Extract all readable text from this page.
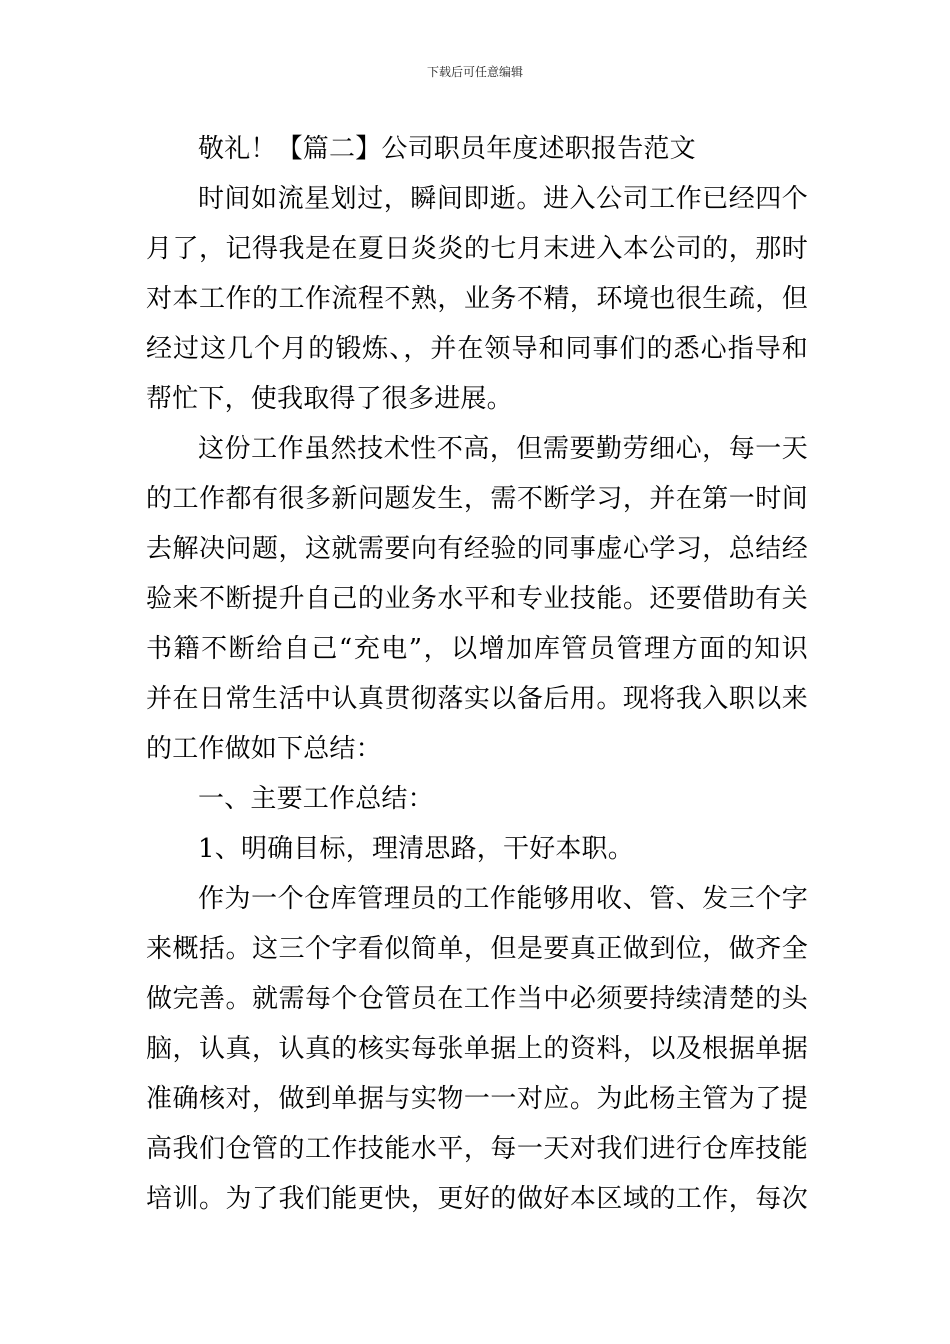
下载后可任意编辑
敬礼！【篇二】公司职员年度述职报告范文
时间如流星划过，瞬间即逝。进入公司工作已经四个
月了，记得我是在夏日炎炎的七月末进入本公司的，那时
对本工作的工作流程不熟，业务不精，环境也很生疏，但
经过这几个月的锻炼、，并在领导和同事们的悉心指导和
帮忙下，使我取得了很多进展。
这份工作虽然技术性不高，但需要勤劳细心，每一天
的工作都有很多新问题发生，需不断学习，并在第一时间
去解决问题，这就需要向有经验的同事虚心学习，总结经
验来不断提升自己的业务水平和专业技能。还要借助有关
书籍不断给自己“充电”，以增加库管员管理方面的知识
并在日常生活中认真贯彻落实以备后用。现将我入职以来
的工作做如下总结：
一、主要工作总结：
1、明确目标，理清思路，干好本职。
作为一个仓库管理员的工作能够用收、管、发三个字
来概括。这三个字看似简单，但是要真正做到位，做齐全
做完善。就需每个仓管员在工作当中必须要持续清楚的头
脑，认真，认真的核实每张单据上的资料，以及根据单据
准确核对，做到单据与实物一一对应。为此杨主管为了提
高我们仓管的工作技能水平，每一天对我们进行仓库技能
培训。为了我们能更快，更好的做好本区域的工作，每次
